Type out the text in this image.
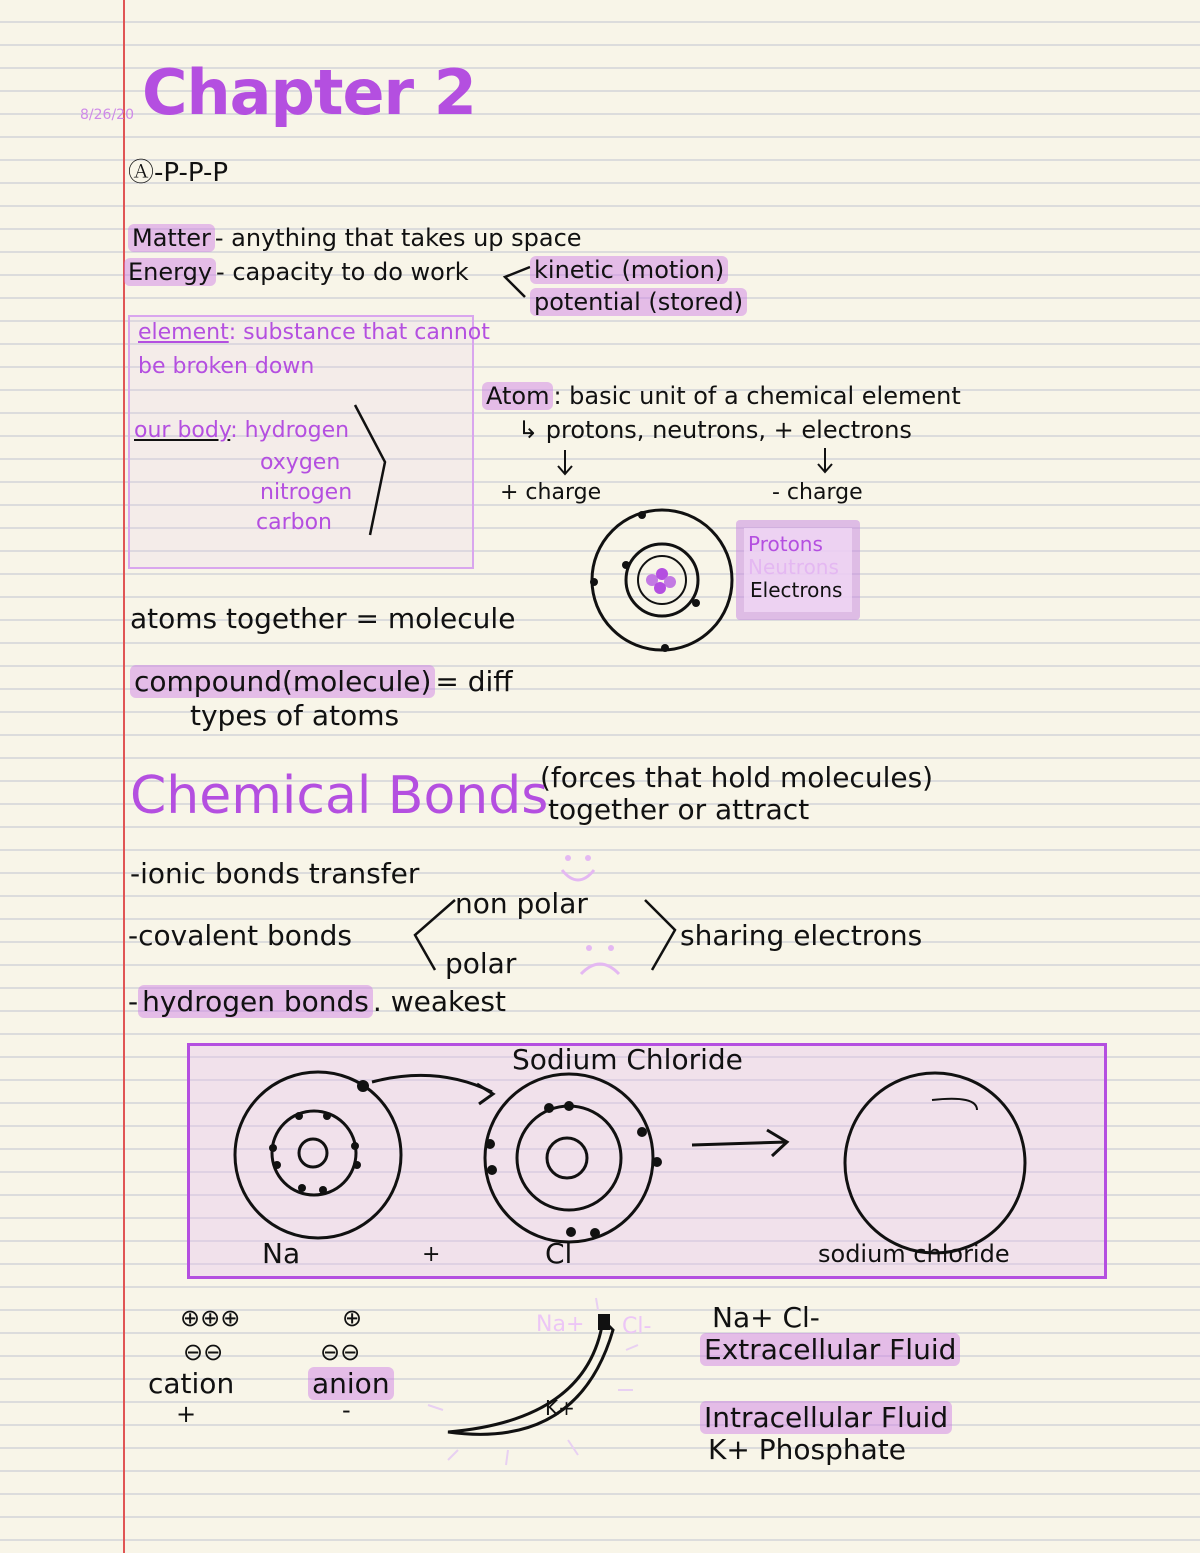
8/26/20 Chapter 2
Ⓐ-P-P-P
Matter - anything that takes up space
Energy - capacity to do work	kinetic (motion)
potential (stored)
element: substance that cannot
be broken down
our body: hydrogen
oxygen
nitrogen
carbon
Atom : basic unit of a chemical element
↳ protons, neutrons, + electrons
+ charge	- charge
Protons
Neutrons
Electrons
atoms together = molecule
compound(molecule) = diff
types of atoms
Chemical Bonds
(forces that hold molecules)
together or attract
-ionic bonds transfer
-covalent bonds
non polar
polar
sharing electrons
- hydrogen bonds . weakest
Sodium Chloride
Na	+	Cl	sodium chloride
⊕⊕⊕
⊖⊖
cation
+
⊕
⊖⊖
anion
-
Na+ Cl-
K+
Na+ Cl-
Extracellular Fluid
Intracellular Fluid
K+ Phosphate
